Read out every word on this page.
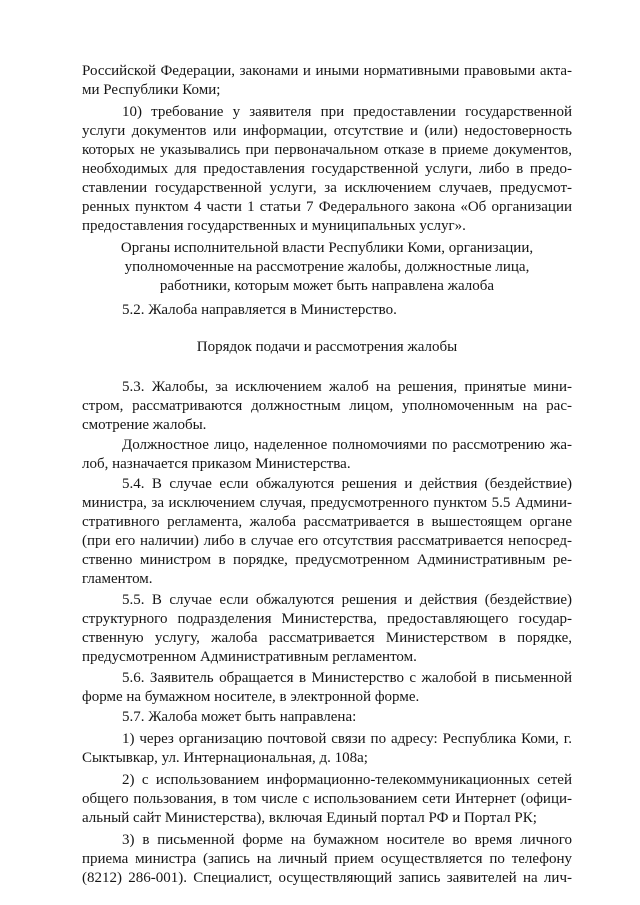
Российской Федерации, законами и иными нормативными правовыми акта-
ми Республики Коми;
10) требование у заявителя при предоставлении государственной
услуги документов или информации, отсутствие и (или) недостоверность
которых не указывались при первоначальном отказе в приеме документов,
необходимых для предоставления государственной услуги, либо в предо-
ставлении государственной услуги, за исключением случаев, предусмот-
ренных пунктом 4 части 1 статьи 7 Федерального закона «Об организации
предоставления государственных и муниципальных услуг».
Органы исполнительной власти Республики Коми, организации,
уполномоченные на рассмотрение жалобы, должностные лица,
работники, которым может быть направлена жалоба
5.2. Жалоба направляется в Министерство.
Порядок подачи и рассмотрения жалобы
5.3. Жалобы, за исключением жалоб на решения, принятые мини-
стром, рассматриваются должностным лицом, уполномоченным на рас-
смотрение жалобы.
Должностное лицо, наделенное полномочиями по рассмотрению жа-
лоб, назначается приказом Министерства.
5.4. В случае если обжалуются решения и действия (бездействие)
министра, за исключением случая, предусмотренного пунктом 5.5 Админи-
стративного регламента, жалоба рассматривается в вышестоящем органе
(при его наличии) либо в случае его отсутствия рассматривается непосред-
ственно министром в порядке, предусмотренном Административным ре-
гламентом.
5.5. В случае если обжалуются решения и действия (бездействие)
структурного подразделения Министерства, предоставляющего государ-
ственную услугу, жалоба рассматривается Министерством в порядке,
предусмотренном Административным регламентом.
5.6. Заявитель обращается в Министерство с жалобой в письменной
форме на бумажном носителе, в электронной форме.
5.7. Жалоба может быть направлена:
1) через организацию почтовой связи по адресу: Республика Коми, г.
Сыктывкар, ул. Интернациональная, д. 108а;
2) с использованием информационно-телекоммуникационных сетей
общего пользования, в том числе с использованием сети Интернет (офици-
альный сайт Министерства), включая Единый портал РФ и Портал РК;
3) в письменной форме на бумажном носителе во время личного
приема министра (запись на личный прием осуществляется по телефону
(8212) 286-001). Специалист, осуществляющий запись заявителей на лич-
